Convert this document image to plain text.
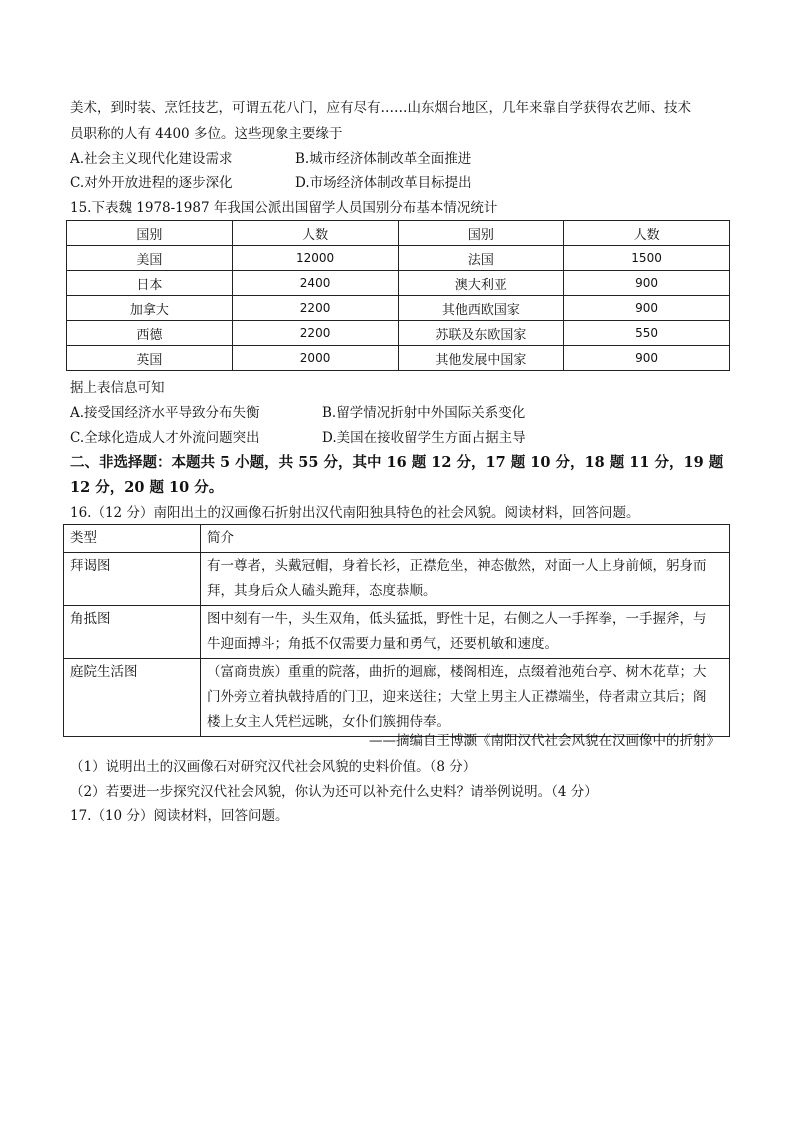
美术，到时装、烹饪技艺，可谓五花八门，应有尽有……山东烟台地区，几年来靠自学获得农艺师、技术
员职称的人有 4400 多位。这些现象主要缘于
A.社会主义现代化建设需求	B.城市经济体制改革全面推进
C.对外开放进程的逐步深化	D.市场经济体制改革目标提出
15.下表魏 1978-1987 年我国公派出国留学人员国别分布基本情况统计
国别	人数	国别	人数
美国	12000	法国	1500
日本	2400	澳大利亚	900
加拿大	2200	其他西欧国家	900
西德	2200	苏联及东欧国家	550
英国	2000	其他发展中国家	900
据上表信息可知
A.接受国经济水平导致分布失衡	B.留学情况折射中外国际关系变化
C.全球化造成人才外流问题突出	D.美国在接收留学生方面占据主导
二、非选择题：本题共 5 小题，共 55 分，其中 16 题 12 分，17 题 10 分，18 题 11 分，19 题
12 分，20 题 10 分。
16.（12 分）南阳出土的汉画像石折射出汉代南阳独具特色的社会风貌。阅读材料，回答问题。
类型	简介
拜谒图	有一尊者，头戴冠帽，身着长衫，正襟危坐，神态傲然，对面一人上身前倾，躬身而
拜，其身后众人磕头跪拜，态度恭顺。

角抵图	图中刻有一牛，头生双角，低头猛抵，野性十足，右侧之人一手挥拳，一手握斧，与
牛迎面搏斗；角抵不仅需要力量和勇气，还要机敏和速度。

庭院生活图	（富商贵族）重重的院落，曲折的迴廊，楼阁相连，点缀着池苑台亭、树木花草；大
门外旁立着执戟持盾的门卫，迎来送往；大堂上男主人正襟端坐，侍者肃立其后；阁
楼上女主人凭栏远眺，女仆们簇拥侍奉。
——摘编自王博灏《南阳汉代社会风貌在汉画像中的折射》
（1）说明出土的汉画像石对研究汉代社会风貌的史料价值。（8 分）
（2）若要进一步探究汉代社会风貌，你认为还可以补充什么史料？请举例说明。（4 分）
17.（10 分）阅读材料，回答问题。
